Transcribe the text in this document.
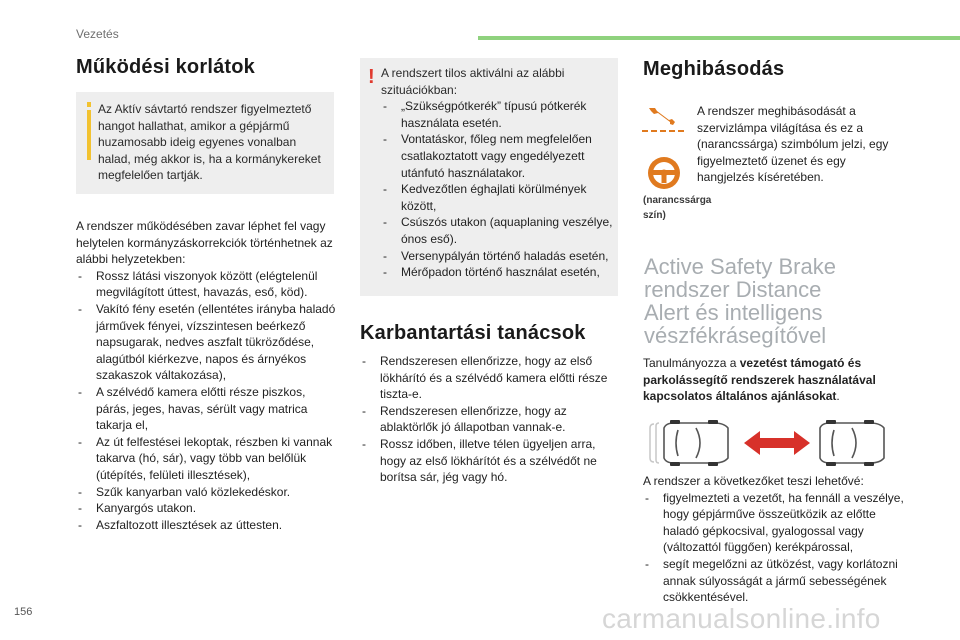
Vezetés
Működési korlátok

Az Aktív sávtartó rendszer figyelmeztető hangot hallathat, amikor a gépjármű huzamosabb ideig egyenes vonalban halad, még akkor is, ha a kormánykereket megfelelően tartják.

A rendszer működésében zavar léphet fel vagy helytelen kormányzáskorrekciók történhetnek az alábbi helyzetekben:

- Rossz látási viszonyok között (elégtelenül megvilágított úttest, havazás, eső, köd).
- Vakító fény esetén (ellentétes irányba haladó járművek fényei, vízszintesen beérkező napsugarak, nedves aszfalt tükröződése, alagútból kiérkezve, napos és árnyékos szakaszok váltakozása),
- A szélvédő kamera előtti része piszkos, párás, jeges, havas, sérült vagy matrica takarja el,
- Az út felfestései lekoptak, részben ki vannak takarva (hó, sár), vagy több van belőlük (útépítés, felületi illesztések),
- Szűk kanyarban való közlekedéskor.
- Kanyargós utakon.
- Aszfaltozott illesztések az úttesten.
! A rendszert tilos aktiválni az alábbi szituációkban:

- „Szükségpótkerék” típusú pótkerék használata esetén.
- Vontatáskor, főleg nem megfelelően csatlakoztatott vagy engedélyezett utánfutó használatakor.
- Kedvezőtlen éghajlati körülmények között,
- Csúszós utakon (aquaplaning veszélye, ónos eső).
- Versenypályán történő haladás esetén,
- Mérőpadon történő használat esetén,
Karbantartási tanácsok
- Rendszeresen ellenőrizze, hogy az első lökhárító és a szélvédő kamera előtti része tiszta-e.
- Rendszeresen ellenőrizze, hogy az ablaktörlők jó állapotban vannak-e.
- Rossz időben, illetve télen ügyeljen arra, hogy az első lökhárítót és a szélvédőt ne borítsa sár, jég vagy hó.
Meghibásodás
(narancssárga szín)
A rendszer meghibásodását a szervizlámpa világítása és ez a (narancssárga) szimbólum jelzi, egy figyelmeztető üzenet és egy hangjelzés kíséretében.
Active Safety Brake
rendszer Distance
Alert és intelligens
vészfékrásegítővel
Tanulmányozza a vezetést támogató és parkolássegítő rendszerek használatával kapcsolatos általános ajánlásokat.

A rendszer a következőket teszi lehetővé:

- figyelmezteti a vezetőt, ha fennáll a veszélye, hogy gépjárműve összeütközik az előtte haladó gépkocsival, gyalogossal vagy (változattól függően) kerékpárossal,
- segít megelőzni az ütközést, vagy korlátozni annak súlyosságát a jármű sebességének csökkentésével.
156	carmanualsonline.info
